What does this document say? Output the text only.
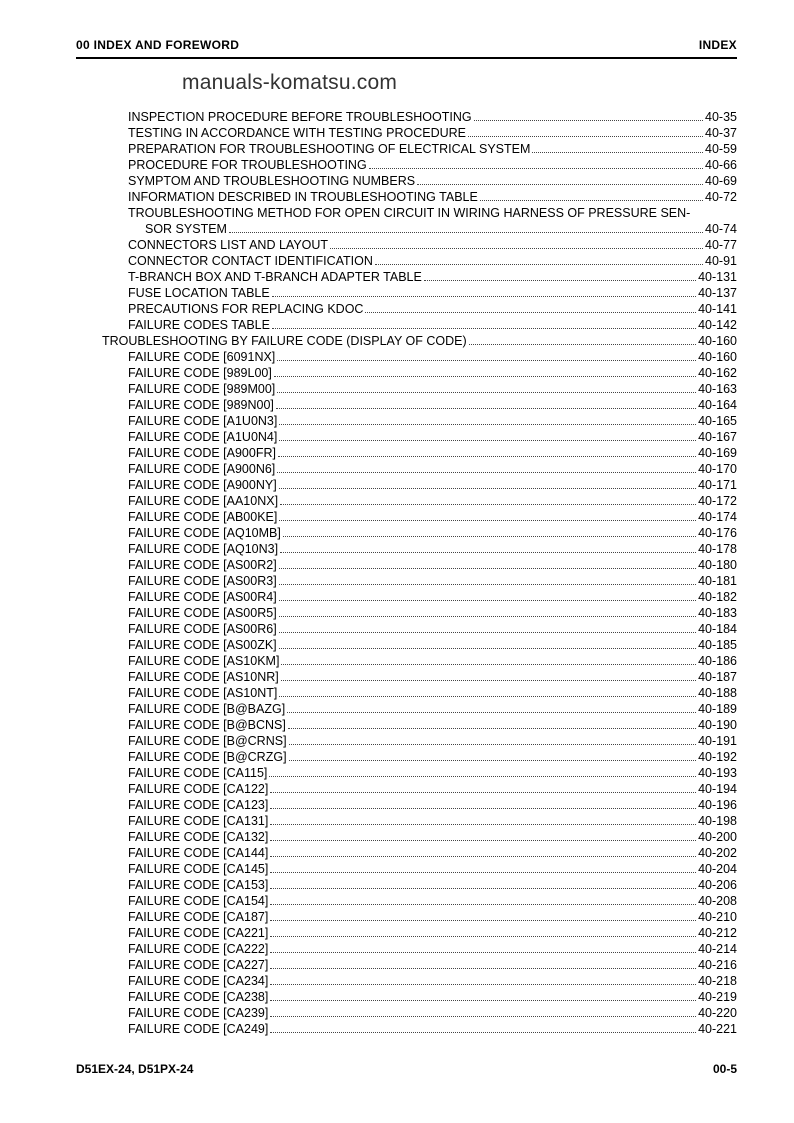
00 INDEX AND FOREWORD	INDEX
manuals-komatsu.com
INSPECTION PROCEDURE BEFORE TROUBLESHOOTING	40-35
TESTING IN ACCORDANCE WITH TESTING PROCEDURE	40-37
PREPARATION FOR TROUBLESHOOTING OF ELECTRICAL SYSTEM	40-59
PROCEDURE FOR TROUBLESHOOTING	40-66
SYMPTOM AND TROUBLESHOOTING NUMBERS	40-69
INFORMATION DESCRIBED IN TROUBLESHOOTING TABLE	40-72
TROUBLESHOOTING METHOD FOR OPEN CIRCUIT IN WIRING HARNESS OF PRESSURE SEN-
SOR SYSTEM	40-74
CONNECTORS LIST AND LAYOUT	40-77
CONNECTOR CONTACT IDENTIFICATION	40-91
T-BRANCH BOX AND T-BRANCH ADAPTER TABLE	40-131
FUSE LOCATION TABLE	40-137
PRECAUTIONS FOR REPLACING KDOC	40-141
FAILURE CODES TABLE	40-142
TROUBLESHOOTING BY FAILURE CODE (DISPLAY OF CODE)	40-160
FAILURE CODE [6091NX]	40-160
FAILURE CODE [989L00]	40-162
FAILURE CODE [989M00]	40-163
FAILURE CODE [989N00]	40-164
FAILURE CODE [A1U0N3]	40-165
FAILURE CODE [A1U0N4]	40-167
FAILURE CODE [A900FR]	40-169
FAILURE CODE [A900N6]	40-170
FAILURE CODE [A900NY]	40-171
FAILURE CODE [AA10NX]	40-172
FAILURE CODE [AB00KE]	40-174
FAILURE CODE [AQ10MB]	40-176
FAILURE CODE [AQ10N3]	40-178
FAILURE CODE [AS00R2]	40-180
FAILURE CODE [AS00R3]	40-181
FAILURE CODE [AS00R4]	40-182
FAILURE CODE [AS00R5]	40-183
FAILURE CODE [AS00R6]	40-184
FAILURE CODE [AS00ZK]	40-185
FAILURE CODE [AS10KM]	40-186
FAILURE CODE [AS10NR]	40-187
FAILURE CODE [AS10NT]	40-188
FAILURE CODE [B@BAZG]	40-189
FAILURE CODE [B@BCNS]	40-190
FAILURE CODE [B@CRNS]	40-191
FAILURE CODE [B@CRZG]	40-192
FAILURE CODE [CA115]	40-193
FAILURE CODE [CA122]	40-194
FAILURE CODE [CA123]	40-196
FAILURE CODE [CA131]	40-198
FAILURE CODE [CA132]	40-200
FAILURE CODE [CA144]	40-202
FAILURE CODE [CA145]	40-204
FAILURE CODE [CA153]	40-206
FAILURE CODE [CA154]	40-208
FAILURE CODE [CA187]	40-210
FAILURE CODE [CA221]	40-212
FAILURE CODE [CA222]	40-214
FAILURE CODE [CA227]	40-216
FAILURE CODE [CA234]	40-218
FAILURE CODE [CA238]	40-219
FAILURE CODE [CA239]	40-220
FAILURE CODE [CA249]	40-221
D51EX-24, D51PX-24	00-5
